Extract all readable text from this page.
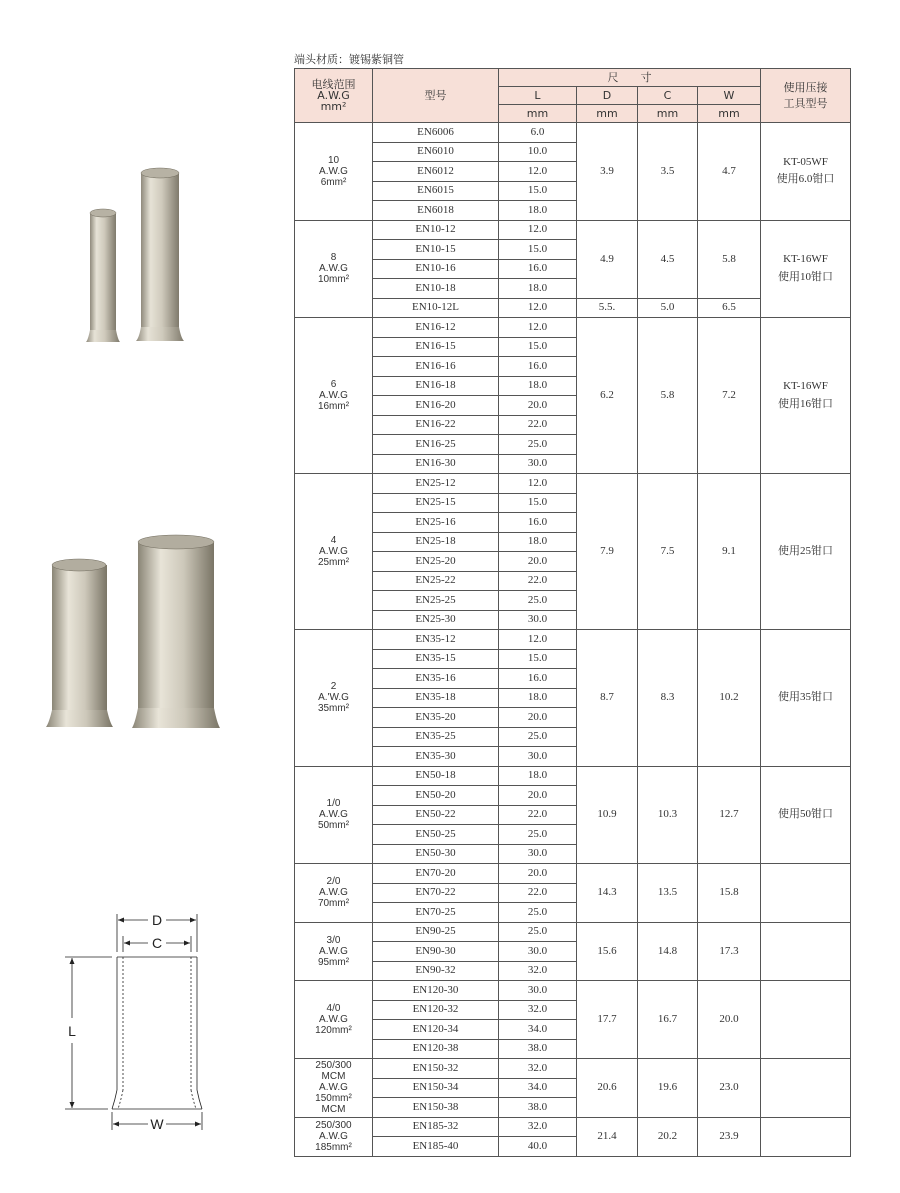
端头材质：镀锡紫铜管
电线范围
A.W.G
mm²	型号	尺　　寸				使用压接
工具型号

		L	D	C	W	
		mm	mm	mm	mm	

10
A.W.G
6mm²	EN6006	6.0	3.9	3.5	4.7	KT-05WF
使用6.0钳口

	EN6010	10.0				
	EN6012	12.0				
	EN6015	15.0				
	EN6018	18.0				

8
A.W.G
10mm²	EN10-12	12.0	4.9	4.5	5.8	KT-16WF
使用10钳口

	EN10-15	15.0				
	EN10-16	16.0				
	EN10-18	18.0				
	EN10-12L	12.0	5.5.	5.0	6.5	

6
A.W.G
16mm²	EN16-12	12.0	6.2	5.8	7.2	KT-16WF
使用16钳口

	EN16-15	15.0				
	EN16-16	16.0				
	EN16-18	18.0				
	EN16-20	20.0				
	EN16-22	22.0				
	EN16-25	25.0				
	EN16-30	30.0				

4
A.W.G
25mm²	EN25-12	12.0	7.9	7.5	9.1	使用25钳口

	EN25-15	15.0				
	EN25-16	16.0				
	EN25-18	18.0				
	EN25-20	20.0				
	EN25-22	22.0				
	EN25-25	25.0				
	EN25-30	30.0				

2
A.'W.G
35mm²	EN35-12	12.0	8.7	8.3	10.2	使用35钳口

	EN35-15	15.0				
	EN35-16	16.0				
	EN35-18	18.0				
	EN35-20	20.0				
	EN35-25	25.0				
	EN35-30	30.0				

1/0
A.W.G
50mm²	EN50-18	18.0	10.9	10.3	12.7	使用50钳口

	EN50-20	20.0				
	EN50-22	22.0				
	EN50-25	25.0				
	EN50-30	30.0				

2/0
A.W.G
70mm²	EN70-20	20.0	14.3	13.5	15.8	
	EN70-22	22.0				
	EN70-25	25.0				

3/0
A.W.G
95mm²	EN90-25	25.0	15.6	14.8	17.3	
	EN90-30	30.0				
	EN90-32	32.0				

4/0
A.W.G
120mm²	EN120-30	30.0	17.7	16.7	20.0	
	EN120-32	32.0				
	EN120-34	34.0				
	EN120-38	38.0				

250/300
MCM
A.W.G
150mm²
MCM	EN150-32	32.0	20.6	19.6	23.0	
	EN150-34	34.0				
	EN150-38	38.0				

250/300
A.W.G
185mm²	EN185-32	32.0	21.4	20.2	23.9	
	EN185-40	40.0				
D
C
L
W
